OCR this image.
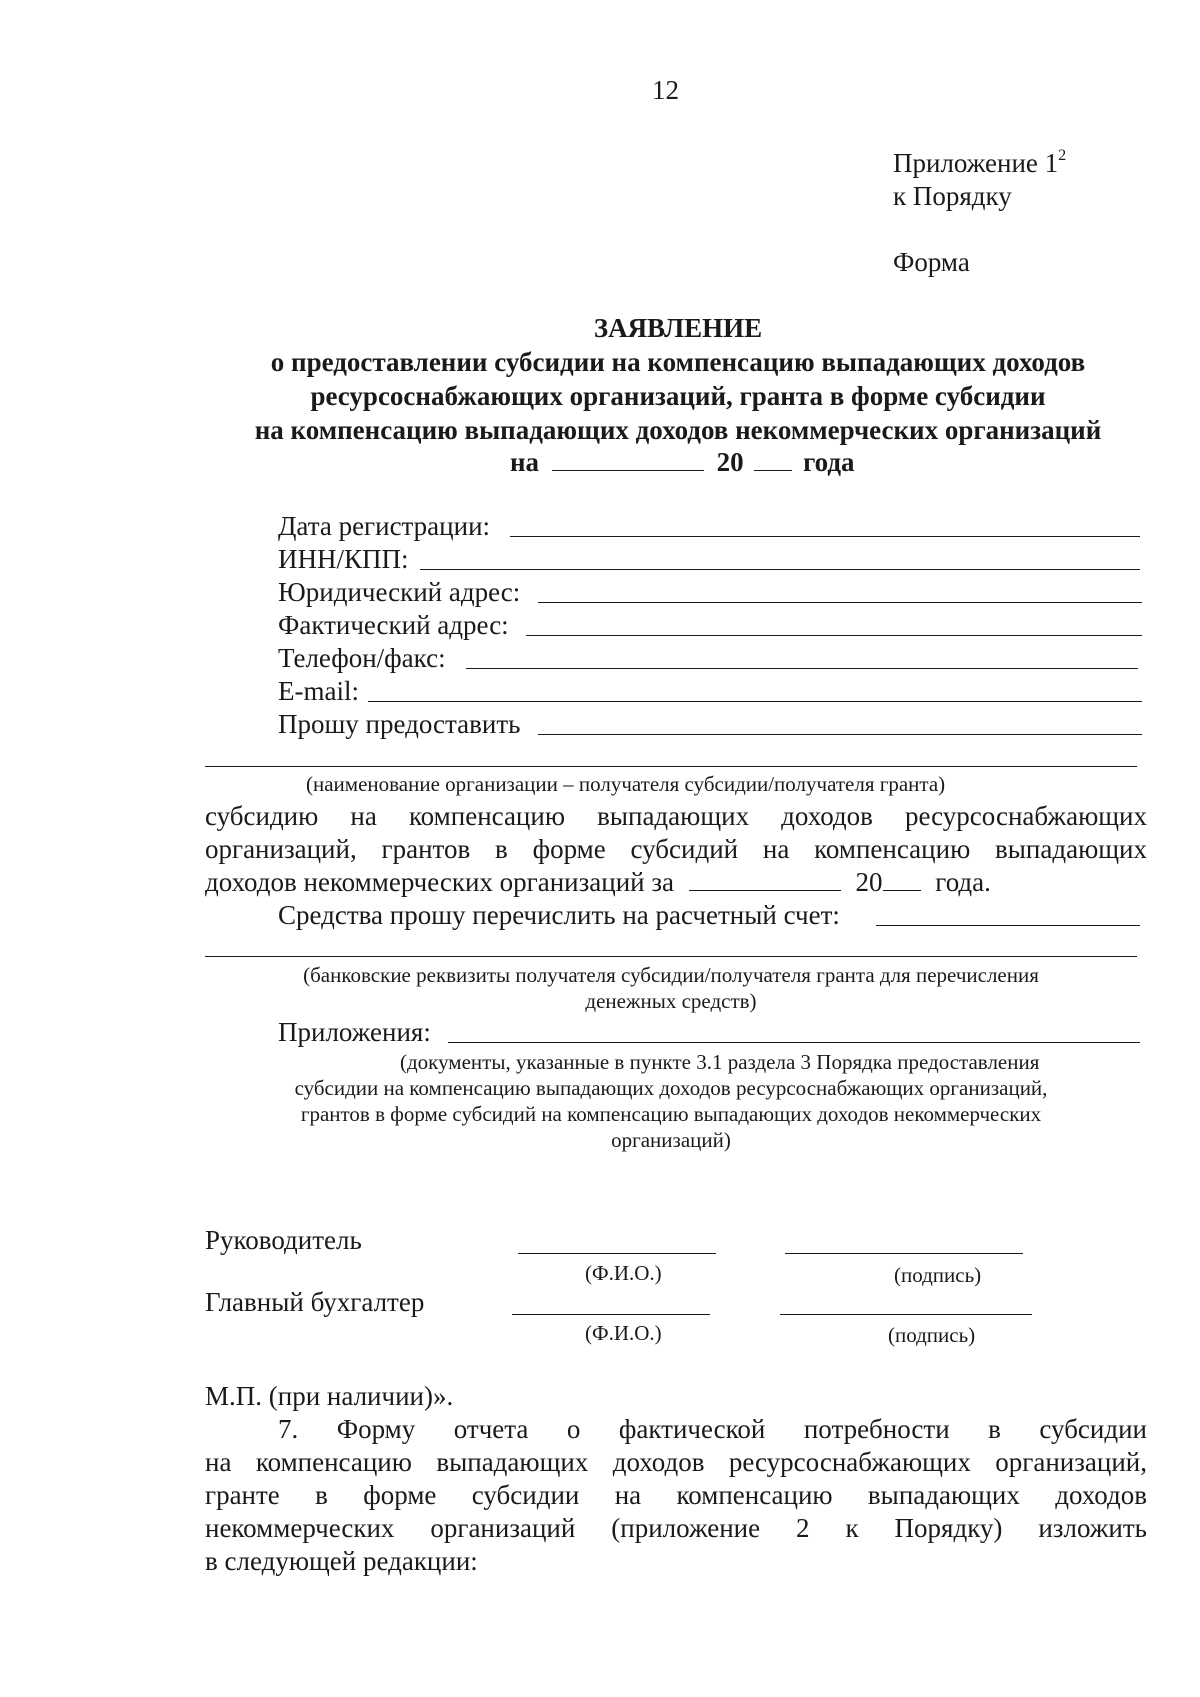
12
Приложение $1^2$
к Порядку
Форма
ЗАЯВЛЕНИЕ
о предоставлении субсидии на компенсацию выпадающих доходов
ресурсоснабжающих организаций, гранта в форме субсидии
на компенсацию выпадающих доходов некоммерческих организаций
на	20 года
Дата регистрации:
ИНН/КПП:
Юридический адрес:
Фактический адрес:
Телефон/факс:
E-mail:
Прошу предоставить
(наименование организации – получателя субсидии/получателя гранта)
субсидию на компенсацию выпадающих доходов ресурсоснабжающих
организаций, грантов в форме субсидий на компенсацию выпадающих
доходов некоммерческих организаций за	20 года.
Средства прошу перечислить на расчетный счет:
(банковские реквизиты получателя субсидии/получателя гранта для перечисления
денежных средств)
Приложения:
(документы, указанные в пункте 3.1 раздела 3 Порядка предоставления
субсидии на компенсацию выпадающих доходов ресурсоснабжающих организаций,
грантов в форме субсидий на компенсацию выпадающих доходов некоммерческих
организаций)
Руководитель
(Ф.И.О.)	(подпись)
Главный бухгалтер
(Ф.И.О.)	(подпись)
М.П. (при наличии)».
7. Форму отчета о фактической потребности в субсидии
на компенсацию выпадающих доходов ресурсоснабжающих организаций,
гранте в форме субсидии на компенсацию выпадающих доходов
некоммерческих организаций (приложение 2 к Порядку) изложить
в следующей редакции:
